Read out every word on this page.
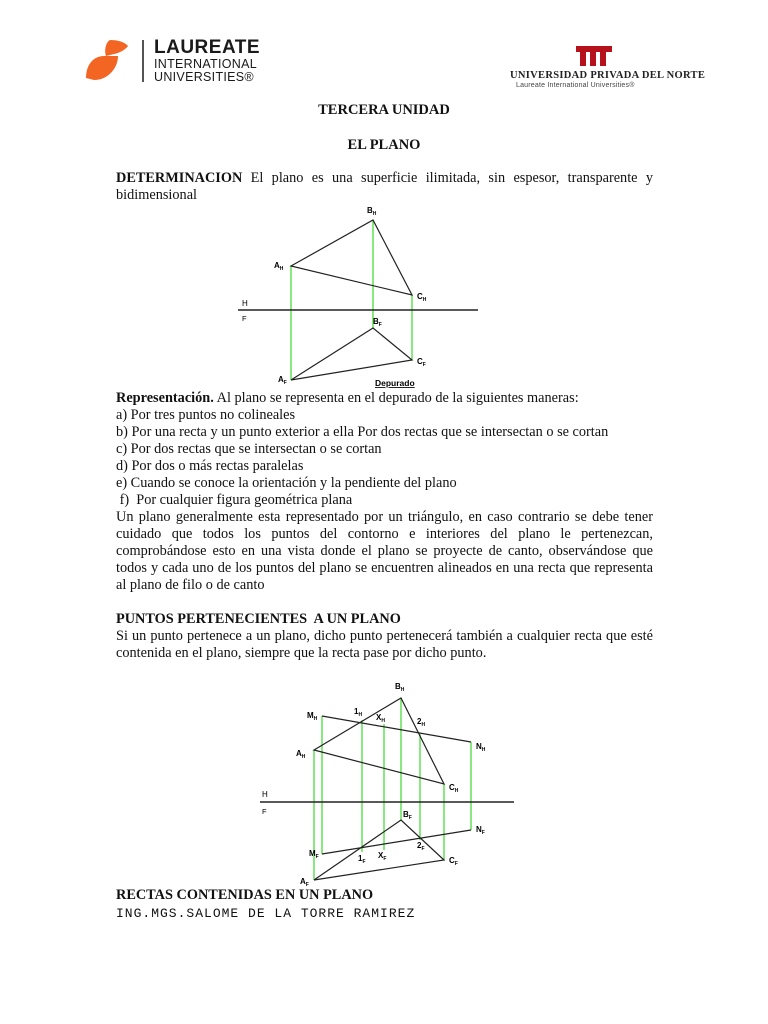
LAUREATE
INTERNATIONAL
UNIVERSITIES®	UNIVERSIDAD PRIVADA DEL NORTE
Laureate International Universities®
TERCERA UNIDAD
EL PLANO
DETERMINACION El plano es una superficie ilimitada, sin espesor, transparente y bidimensional
$B_H$
$A_H$
$C_H$
H
F	$B_F$
$C_F$
$A_F$	Depurado
Representación. Al plano se representa en el depurado de la siguientes maneras:
a) Por tres puntos no colineales
b) Por una recta y un punto exterior a ella Por dos rectas que se intersectan o se cortan
c) Por dos rectas que se intersectan o se cortan
d) Por dos o más rectas paralelas
e) Cuando se conoce la orientación y la pendiente del plano
f)  Por cualquier figura geométrica plana
Un plano generalmente esta representado por un triángulo, en caso contrario se debe tener cuidado que todos los puntos del contorno e interiores del plano le pertenezcan, comprobándose esto en una vista donde el plano se proyecte de canto, observándose que todos y cada uno de los puntos del plano se encuentren alineados en una recta que representa al plano de filo o de canto
PUNTOS PERTENECIENTES  A UN PLANO
Si un punto pertenece a un plano, dicho punto pertenecerá también a cualquier recta que esté contenida en el plano, siempre que la recta pase por dicho punto.
$B_H$
$M_H$
$1_H$ $X_H$	$2_H$
$N_H$
$A_H$
$C_H$
H
F	$B_F$
$N_F$
$2_F$
$M_F$	$1_F$
$X_F$	$C_F$
$A_F$
RECTAS CONTENIDAS EN UN PLANO
ING.MGS.SALOME DE LA TORRE RAMIREZ
